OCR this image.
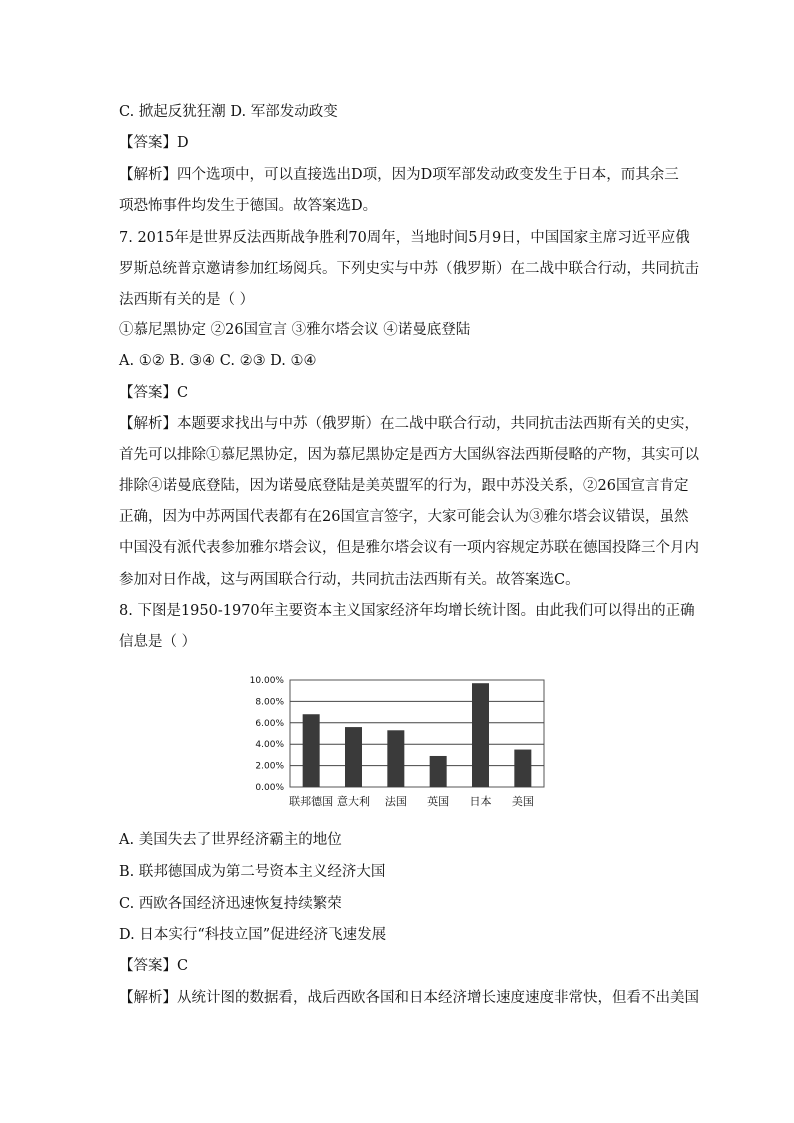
C. 掀起反犹狂潮 D. 军部发动政变
【答案】D
【解析】四个选项中，可以直接选出D项，因为D项军部发动政变发生于日本，而其余三
项恐怖事件均发生于德国。故答案选D。
7. 2015年是世界反法西斯战争胜利70周年，当地时间5月9日，中国国家主席习近平应俄
罗斯总统普京邀请参加红场阅兵。下列史实与中苏（俄罗斯）在二战中联合行动，共同抗击
法西斯有关的是（ ）
①慕尼黑协定 ②26国宣言 ③雅尔塔会议 ④诺曼底登陆
A. ①② B. ③④ C. ②③ D. ①④
【答案】C
【解析】本题要求找出与中苏（俄罗斯）在二战中联合行动，共同抗击法西斯有关的史实，
首先可以排除①慕尼黑协定，因为慕尼黑协定是西方大国纵容法西斯侵略的产物，其实可以
排除④诺曼底登陆，因为诺曼底登陆是美英盟军的行为，跟中苏没关系，②26国宣言肯定
正确，因为中苏两国代表都有在26国宣言签字，大家可能会认为③雅尔塔会议错误，虽然
中国没有派代表参加雅尔塔会议，但是雅尔塔会议有一项内容规定苏联在德国投降三个月内
参加对日作战，这与两国联合行动，共同抗击法西斯有关。故答案选C。
8. 下图是1950-1970年主要资本主义国家经济年均增长统计图。由此我们可以得出的正确
信息是（ ）
0.00%
2.00%
4.00%
6.00%
8.00%
10.00%
联邦德国 意大利 法国 英国 日本 美国
A. 美国失去了世界经济霸主的地位
B. 联邦德国成为第二号资本主义经济大国
C. 西欧各国经济迅速恢复持续繁荣
D. 日本实行“科技立国”促进经济飞速发展
【答案】C
【解析】从统计图的数据看，战后西欧各国和日本经济增长速度速度非常快，但看不出美国
